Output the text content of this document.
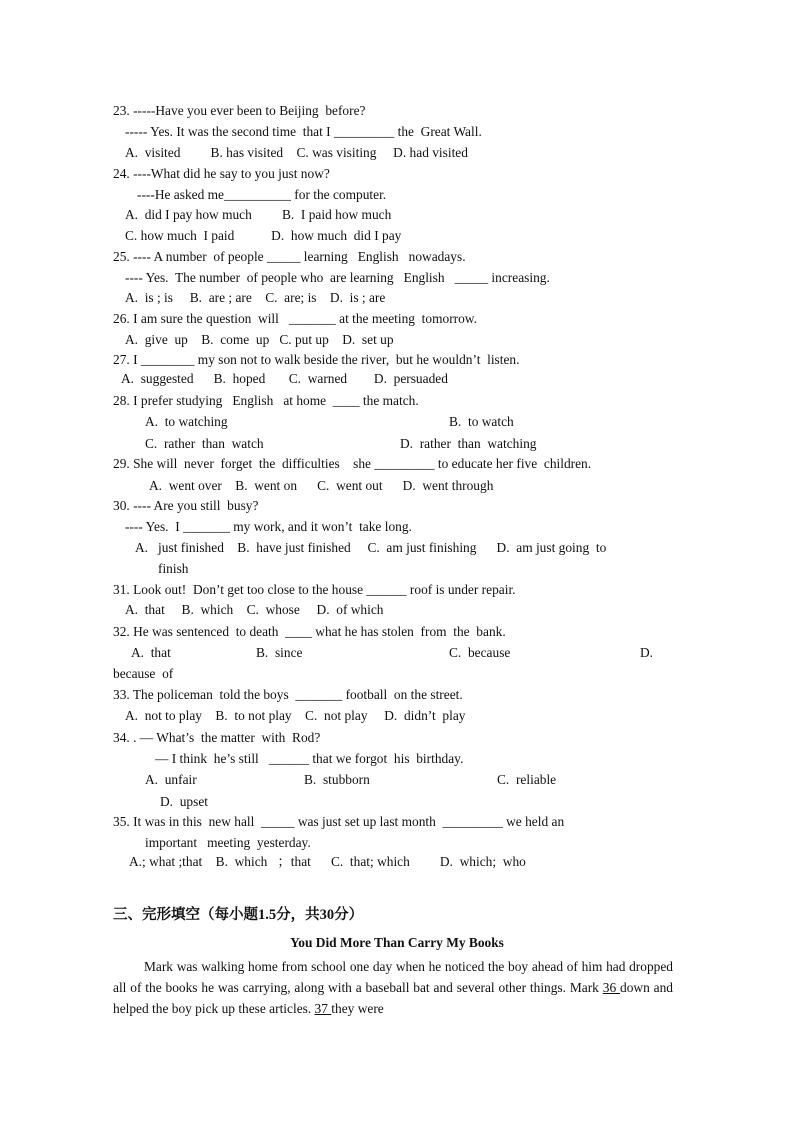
23. -----Have you ever been to Beijing  before?
----- Yes. It was the second time  that I _________ the  Great Wall.
A.  visited         B. has visited    C. was visiting     D. had visited
24. ----What did he say to you just now?
----He asked me__________ for the computer.
A.  did I pay how much         B.  I paid how much
C. how much  I paid           D.  how much  did I pay
25. ---- A number  of people _____ learning   English   nowadays.
---- Yes.  The number  of people who  are learning   English   _____ increasing.
A.  is ; is     B.  are ; are    C.  are; is    D.  is ; are
26. I am sure the question  will   _______ at the meeting  tomorrow.
A.  give  up    B.  come  up   C. put up    D.  set up
27. I ________ my son not to walk beside the river,  but he wouldn’t  listen.
A.  suggested      B.  hoped       C.  warned        D.  persuaded
28. I prefer studying   English   at home  ____ the match.
A.  to watching	B.  to watch
C.  rather  than  watch	D.  rather  than  watching
29. She will  never  forget  the  difficulties    she _________ to educate her five  children.
A.  went over    B.  went on      C.  went out      D.  went through
30. ---- Are you still  busy?
---- Yes.  I _______ my work, and it won’t  take long.
A.   just finished    B.  have just finished     C.  am just finishing      D.  am just going  to
finish
31. Look out!  Don’t get too close to the house ______ roof is under repair.
A.  that     B.  which    C.  whose     D.  of which
32. He was sentenced  to death  ____ what he has stolen  from  the  bank.
A.  that	B.  since	C.  because	D.
because  of
33. The policeman  told the boys  _______ football  on the street.
A.  not to play    B.  to not play    C.  not play     D.  didn’t  play
34. . — What’s  the matter  with  Rod?
— I think  he’s still   ______ that we forgot  his  birthday.
A.  unfair	B.  stubborn	C.  reliable
D.  upset
35. It was in this  new hall  _____ was just set up last month  _________ we held an
important   meeting  yesterday.
A.; what ;that    B.  which   ；that      C.  that; which         D.  which;  who
三、完形填空（每小题1.5分，共30分）
You Did More Than Carry My Books
Mark was walking home from school one day when he noticed the boy ahead of him had dropped all of the books he was carrying, along with a baseball bat and several other things. Mark 36 down and helped the boy pick up these articles. 37 they were
